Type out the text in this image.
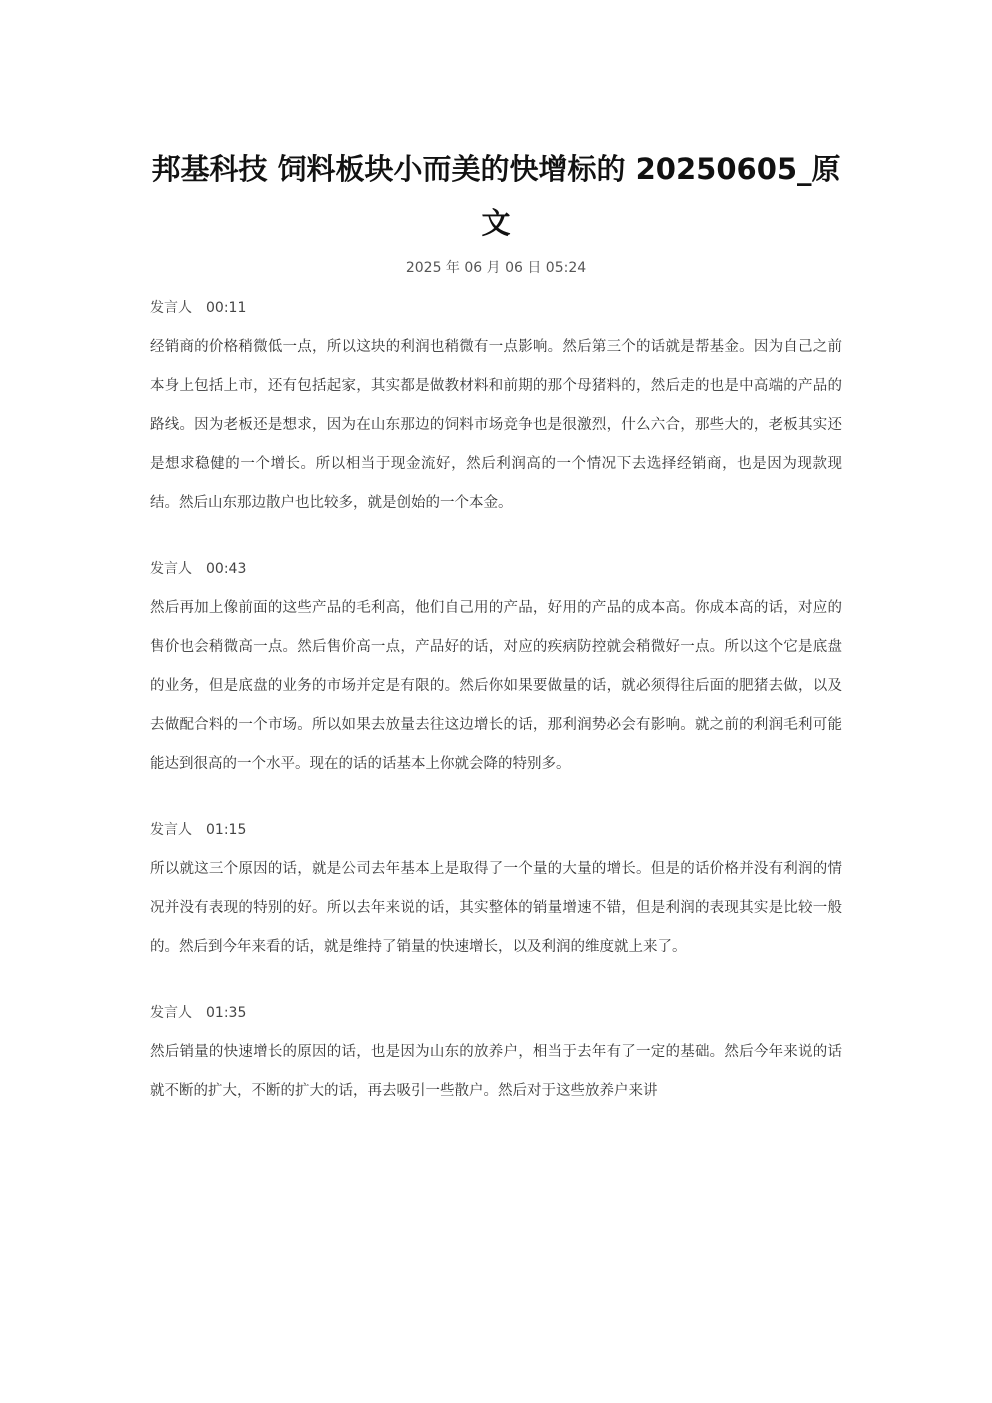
邦基科技 饲料板块小而美的快增标的 20250605_原文
2025 年 06 月 06 日 05:24
发言人 00:11

经销商的价格稍微低一点，所以这块的利润也稍微有一点影响。然后第三个的话就是帮基金。因为自己之前本身上包括上市，还有包括起家，其实都是做教材料和前期的那个母猪料的，然后走的也是中高端的产品的路线。因为老板还是想求，因为在山东那边的饲料市场竞争也是很激烈，什么六合，那些大的，老板其实还是想求稳健的一个增长。所以相当于现金流好，然后利润高的一个情况下去选择经销商，也是因为现款现结。然后山东那边散户也比较多，就是创始的一个本金。

发言人 00:43

然后再加上像前面的这些产品的毛利高，他们自己用的产品，好用的产品的成本高。你成本高的话，对应的售价也会稍微高一点。然后售价高一点，产品好的话，对应的疾病防控就会稍微好一点。所以这个它是底盘的业务，但是底盘的业务的市场并定是有限的。然后你如果要做量的话，就必须得往后面的肥猪去做，以及去做配合料的一个市场。所以如果去放量去往这边增长的话，那利润势必会有影响。就之前的利润毛利可能能达到很高的一个水平。现在的话的话基本上你就会降的特别多。

发言人 01:15

所以就这三个原因的话，就是公司去年基本上是取得了一个量的大量的增长。但是的话价格并没有利润的情况并没有表现的特别的好。所以去年来说的话，其实整体的销量增速不错，但是利润的表现其实是比较一般的。然后到今年来看的话，就是维持了销量的快速增长，以及利润的维度就上来了。

发言人 01:35

然后销量的快速增长的原因的话，也是因为山东的放养户，相当于去年有了一定的基础。然后今年来说的话就不断的扩大，不断的扩大的话，再去吸引一些散户。然后对于这些放养户来讲
